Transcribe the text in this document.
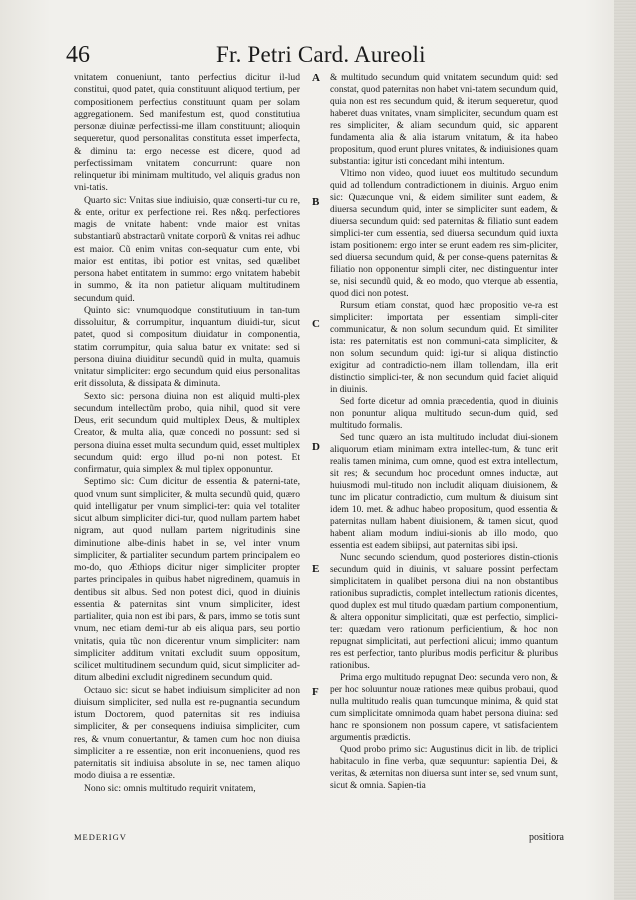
46	Fr. Petri Card. Aureoli

vnitatem conueniunt, tanto perfectius dicitur il-lud constitui, quod patet, quia constituunt aliquod tertium, per compositionem perfectius constituunt quam per solam aggregationem. Sed manifestum est, quod constitutiua personæ diuinæ perfectissi-me illam constituunt; alioquin sequeretur, quod personalitas constituta esset imperfecta, & diminu ta: ergo necesse est dicere, quod ad perfectissimam vnitatem concurrunt: quare non relinquetur ibi minimam multitudo, vel aliquis gradus non vni-tatis.

Quarto sic: Vnitas siue indiuisio, quæ conserti-tur cu re, & ente, oritur ex perfectione rei. Res n&q. perfectiores magis de vnitate habent: vnde maior est vnitas substantiarũ abstractarũ vnitate corporũ & vnitas rei adhuc est maior. Cũ enim vnitas con-sequatur cum ente, vbi maior est entitas, ibi potior est vnitas, sed quælibet persona habet entitatem in summo: ergo vnitatem habebit in summo, & ita non patietur aliquam multitudinem secundum quid.

Quinto sic: vnumquodque constitutiuum in tan-tum dissoluitur, & corrumpitur, inquantum diuidi-tur, sicut patet, quod si compositum diuidatur in componentia, statim corrumpitur, quia salua batur ex vnitate: sed si persona diuina diuiditur secundũ quid in multa, quamuis vnitatur simpliciter: ergo secundum quid eius personalitas erit dissoluta, & dissipata & diminuta.

Sexto sic: persona diuina non est aliquid multi-plex secundum intellectũm probo, quia nihil, quod sit vere Deus, erit secundum quid multiplex Deus, & multiplex Creator, & multa alia, quæ concedi no possunt: sed si persona diuina esset multa secundum quid, esset multiplex secundum quid: ergo illud po-ni non potest. Et confirmatur, quia simplex & mul tiplex opponuntur.

Septimo sic: Cum dicitur de essentia & paterni-tate, quod vnum sunt simpliciter, & multa secundũ quid, quæro quid intelligatur per vnum simplici-ter: quia vel totaliter sicut album simpliciter dici-tur, quod nullam partem habet nigram, aut quod nullam partem nigritudinis sine diminutione albe-dinis habet in se, vel inter vnum simpliciter, & partialiter secundum partem principalem eo mo-do, quo Æthiops dicitur niger simpliciter propter partes principales in quibus habet nigredinem, quamuis in dentibus sit albus. Sed non potest dici, quod in diuinis essentia & paternitas sint vnum simpliciter, idest partialiter, quia non est ibi pars, & pars, immo se totis sunt vnum, nec etiam demi-tur ab eis aliqua pars, seu portio vnitatis, quia tũc non dicerentur vnum simpliciter: nam simpliciter additum vnitati excludit suum oppositum, scilicet multitudinem secundum quid, sicut simpliciter ad-ditum albedini excludit nigredinem secundum quid.

Octauo sic: sicut se habet indiuisum simpliciter ad non diuisum simpliciter, sed nulla est re-pugnantia secundum istum Doctorem, quod paternitas sit res indiuisa simpliciter, & per consequens indiuisa simpliciter, cum res, & vnum conuertantur, & tamen cum hoc non diuisa simpliciter a re essentiæ, non erit inconueniens, quod res paternitatis sit indiuisa absolute in se, nec tamen aliquo modo diuisa a re essentiæ.

Nono sic: omnis multitudo requirit vnitatem,

& multitudo secundum quid vnitatem secundum quid: sed constat, quod paternitas non habet vni-tatem secundum quid, quia non est res secundum quid, & iterum sequeretur, quod haberet duas vnitates, vnam simpliciter, secundum quam est res simpliciter, & aliam secundum quid, sic apparent fundamenta alia & alia istarum vnitatum, & ita habeo propositum, quod erunt plures vnitates, & indiuisiones quam substantia: igitur isti concedant mihi intentum.

Vltimo non video, quod iuuet eos multitudo secundum quid ad tollendum contradictionem in diuinis. Arguo enim sic: Quæcunque vni, & eidem similiter sunt eadem, & diuersa secundum quid, inter se simpliciter sunt eadem, & diuersa secundum quid: sed paternitas & filiatio sunt eadem simplici-ter cum essentia, sed diuersa secundum quid iuxta istam positionem: ergo inter se erunt eadem res sim-pliciter, sed diuersa secundum quid, & per conse-quens paternitas & filiatio non opponentur simpli citer, nec distinguentur inter se, nisi secundũ quid, & eo modo, quo vterque ab essentia, quod dici non potest.

Rursum etiam constat, quod hæc propositio ve-ra est simpliciter: importata per essentiam simpli-citer communicatur, & non solum secundum quid. Et similiter ista: res paternitatis est non communi-cata simpliciter, & non solum secundum quid: igi-tur si aliqua distinctio exigitur ad contradictio-nem illam tollendam, illa erit distinctio simplici-ter, & non secundum quid faciet aliquid in diuinis.

Sed forte dicetur ad omnia præcedentia, quod in diuinis non ponuntur aliqua multitudo secun-dum quid, sed multitudo formalis.

Sed tunc quæro an ista multitudo includat diui-sionem aliquorum etiam minimam extra intellec-tum, & tunc erit realis tamen minima, cum omne, quod est extra intellectum, sit res; & secundum hoc procedunt omnes inductæ, aut huiusmodi mul-titudo non includit aliquam diuisionem, & tunc im plicatur contradictio, cum multum & diuisum sint idem 10. met. & adhuc habeo propositum, quod essentia & paternitas nullam habent diuisionem, & tamen sicut, quod habent aliam modum indiui-sionis ab illo modo, quo essentia est eadem sibiipsi, aut paternitas sibi ipsi.

Nunc secundo sciendum, quod posteriores distin-ctionis secundum quid in diuinis, vt saluare possint perfectam simplicitatem in qualibet persona diui na non obstantibus rationibus supradictis, complet intellectum rationis dicentes, quod duplex est mul titudo quædam partium componentium, & altera opponitur simplicitati, quæ est perfectio, simplici-ter: quædam vero rationum perficientium, & hoc non repugnat simplicitati, aut perfectioni alicui; immo quantum res est perfectior, tanto pluribus modis perficitur & pluribus rationibus.

Prima ergo multitudo repugnat Deo: secunda vero non, & per hoc soluuntur nouæ rationes meæ quibus probaui, quod nulla multitudo realis quan tumcunque minima, & quid stat cum simplicitate omnimoda quam habet persona diuina: sed hanc re sponsionem non possum capere, vt satisfacientem argumentis prædictis.

Quod probo primo sic: Augustinus dicit in lib. de triplici habitaculo in fine verba, quæ sequuntur: sapientia Dei, & veritas, & æternitas non diuersa sunt inter se, sed vnum sunt, sicut & omnia. Sapien-tia

A
B
C
D
E
F
MEDERIGV	positiora
